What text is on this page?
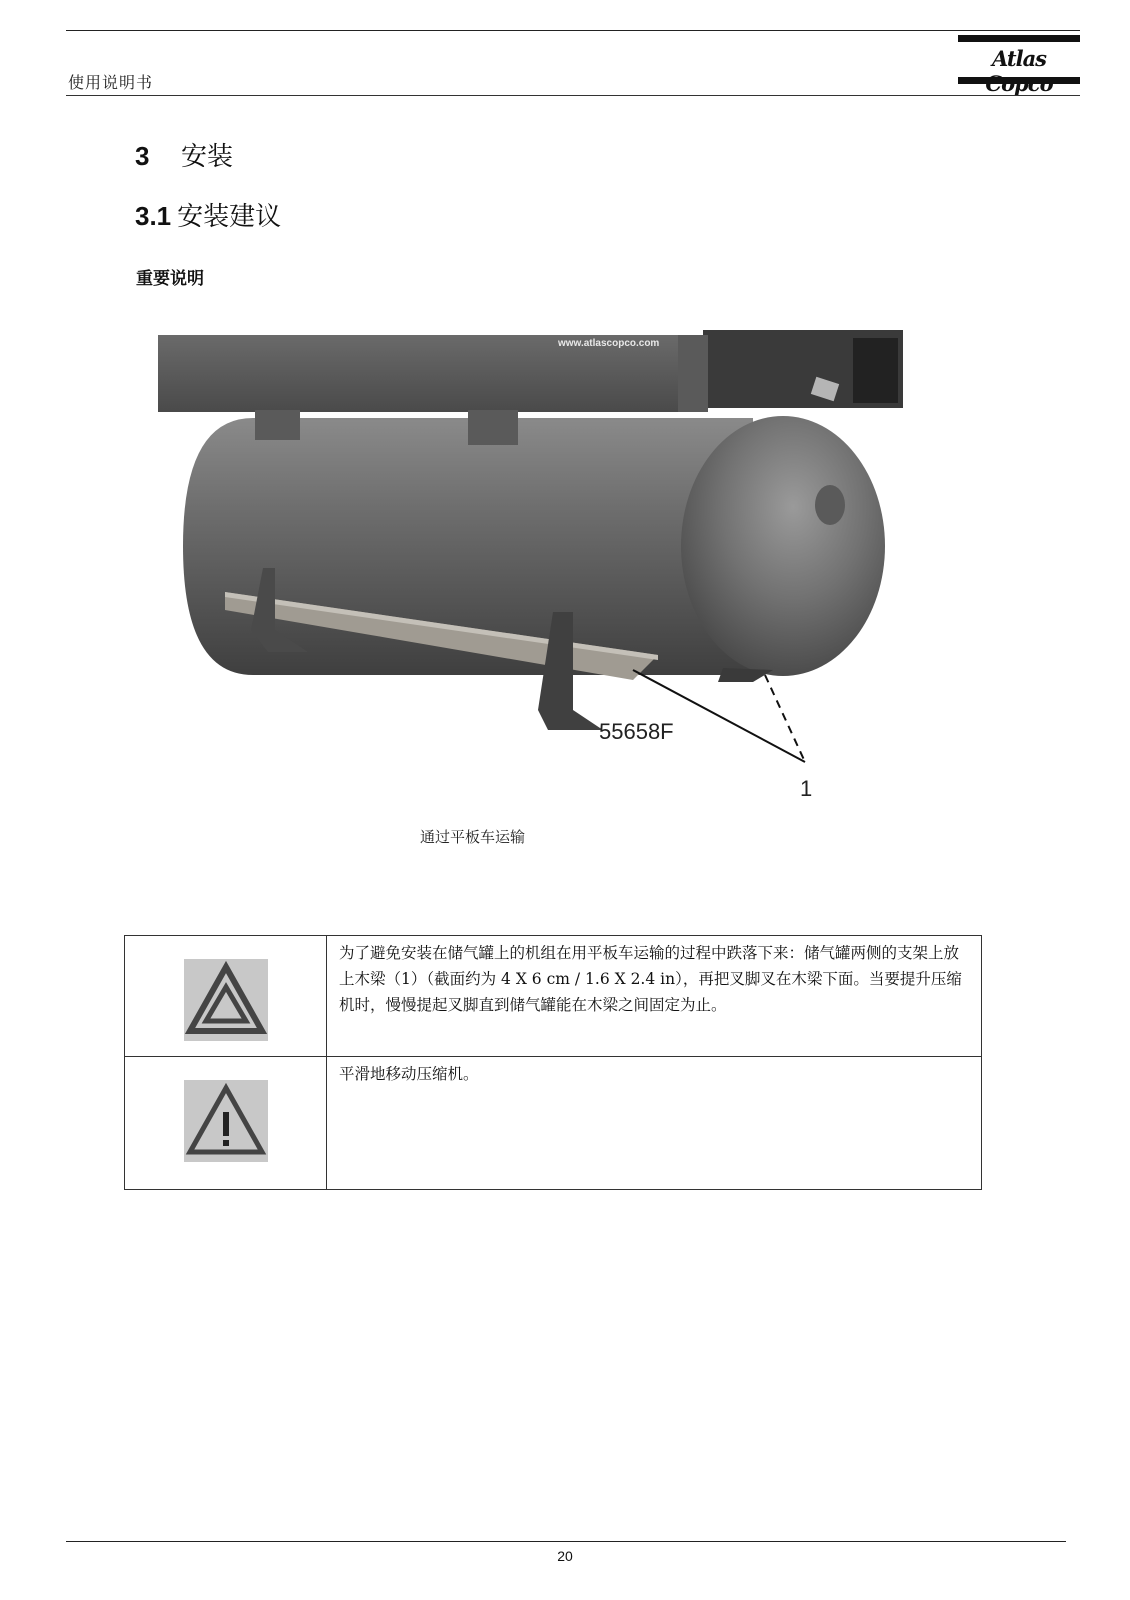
使用说明书
Atlas
3 安装
3.1 安装建议
重要说明
www.atlascopco.com
55658F
1
通过平板车运输
	为了避免安装在储气罐上的机组在用平板车运输的过程中跌落下来：储气罐两侧的支架上放上木梁（1）（截面约为 4 X 6 cm / 1.6 X 2.4 in），再把叉脚叉在木梁下面。当要提升压缩机时，慢慢提起叉脚直到储气罐能在木梁之间固定为止。
	平滑地移动压缩机。
20
